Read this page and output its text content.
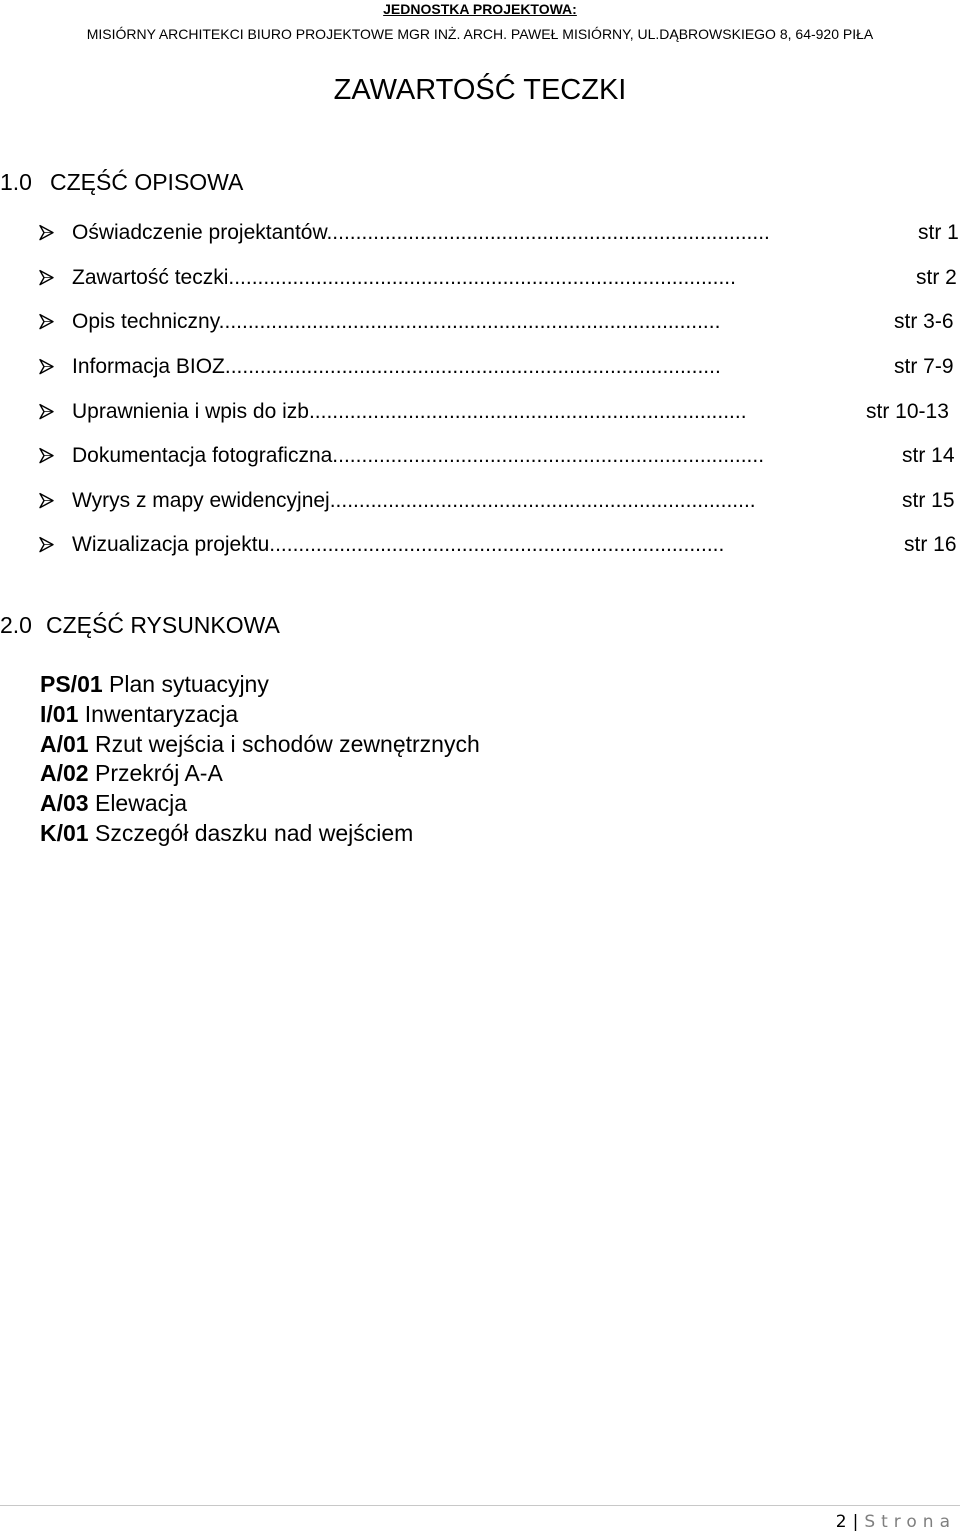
JEDNOSTKA PROJEKTOWA:
MISIÓRNY ARCHITEKCI BIURO PROJEKTOWE MGR INŻ. ARCH. PAWEŁ MISIÓRNY, UL.DĄBROWSKIEGO 8, 64-920 PIŁA
ZAWARTOŚĆ TECZKI
1.0 CZĘŚĆ OPISOWA
Oświadczenie projektantów............................................................................	str 1
Zawartość teczki.......................................................................................	str 2
Opis techniczny......................................................................................	str 3-6
Informacja BIOZ.....................................................................................	str 7-9
Uprawnienia i wpis do izb...........................................................................	str 10-13
Dokumentacja fotograficzna..........................................................................	str 14
Wyrys z mapy ewidencyjnej.........................................................................	str 15
Wizualizacja projektu..............................................................................	str 16
2.0 CZĘŚĆ RYSUNKOWA
PS/01 Plan sytuacyjny
I/01 Inwentaryzacja
A/01 Rzut wejścia i schodów zewnętrznych
A/02 Przekrój A-A
A/03 Elewacja
K/01 Szczegół daszku nad wejściem
2 | Strona
